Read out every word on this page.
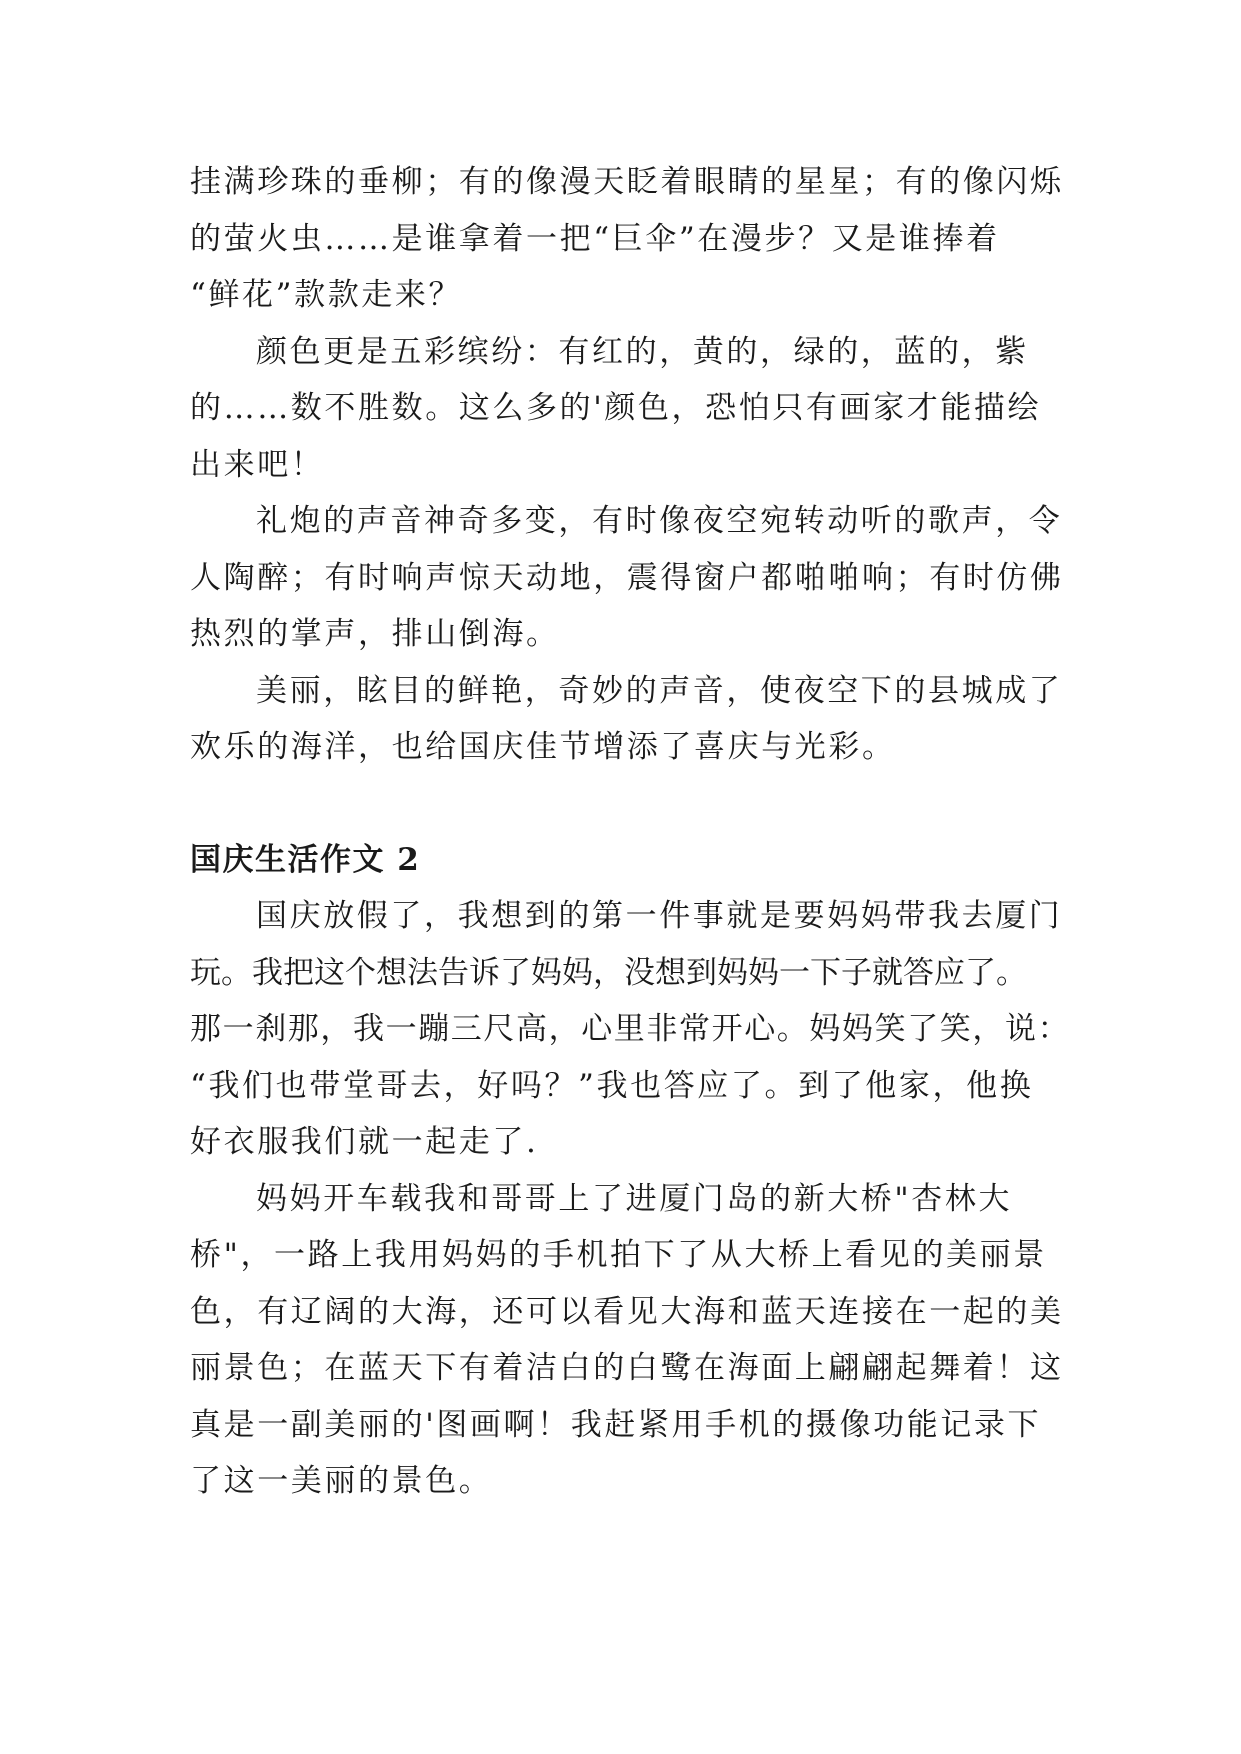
挂满珍珠的垂柳；有的像漫天眨着眼睛的星星；有的像闪烁
的萤火虫……是谁拿着一把“巨伞”在漫步？又是谁捧着
“鲜花”款款走来？

颜色更是五彩缤纷：有红的，黄的，绿的，蓝的，紫
的……数不胜数。这么多的'颜色，恐怕只有画家才能描绘
出来吧！

礼炮的声音神奇多变，有时像夜空宛转动听的歌声，令
人陶醉；有时响声惊天动地，震得窗户都啪啪响；有时仿佛
热烈的掌声，排山倒海。

美丽，眩目的鲜艳，奇妙的声音，使夜空下的县城成了
欢乐的海洋，也给国庆佳节增添了喜庆与光彩。

国庆生活作文 2

国庆放假了，我想到的第一件事就是要妈妈带我去厦门
玩。我把这个想法告诉了妈妈，没想到妈妈一下子就答应了。
那一刹那，我一蹦三尺高，心里非常开心。妈妈笑了笑，说：
“我们也带堂哥去，好吗？”我也答应了。到了他家，他换
好衣服我们就一起走了.

妈妈开车载我和哥哥上了进厦门岛的新大桥"杏林大
桥"，一路上我用妈妈的手机拍下了从大桥上看见的美丽景
色，有辽阔的大海，还可以看见大海和蓝天连接在一起的美
丽景色；在蓝天下有着洁白的白鹭在海面上翩翩起舞着！这
真是一副美丽的'图画啊！我赶紧用手机的摄像功能记录下
了这一美丽的景色。
